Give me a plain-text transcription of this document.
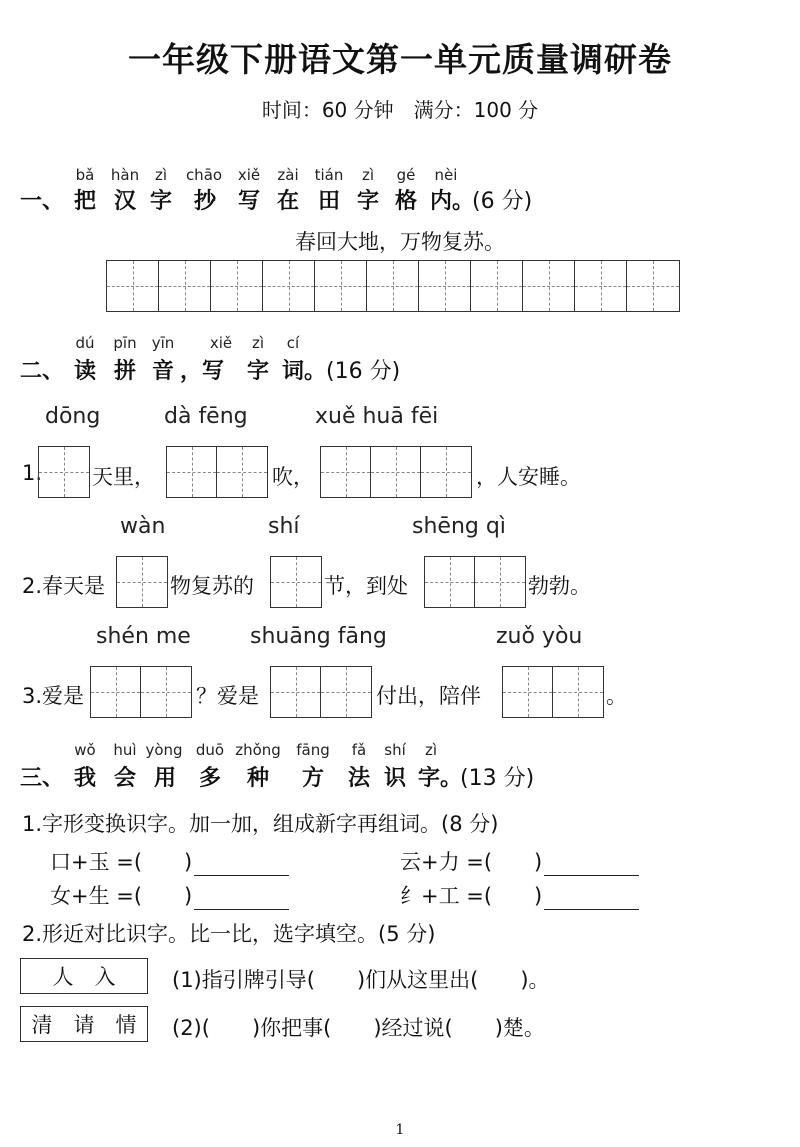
一年级下册语文第一单元质量调研卷
时间：60 分钟　满分：100 分
bǎ hàn	zì	chāo	xiě	zài	tián	zì	gé	nèi
一、 把 汉 字 抄 写 在 田 字 格 内。
(6 分)
春回大地，万物复苏。
dú	pīn	yīn xiě	zì	cí
二、 读 拼 音 ，写	字 词。 (16 分)
dōng	dà fēng	xuě huā fēi
1. 天里，	吹，	，人安睡。
wàn	shí	shēng qì
2.春天是	物复苏的	节，到处	勃勃。
shén me	shuāng fāng	zuǒ yòu
3.爱是	？爱是	付出，陪伴	。
wǒ huì yòng duō zhǒng fāng	fǎ	shí	zì
三、 我 会 用 多 种 方 法 识 字。
(13 分)
1.字形变换识字。加一加，组成新字再组词。(8 分)
口+玉 =(　　)	云+力 =(　　)
女+生 =(　　)	纟+工 =(　　)
2.形近对比识字。比一比，选字填空。(5 分)
人　入	(1)指引牌引导(　　)们从这里出(　　)。
清　请　情	(2)(　　)你把事(　　)经过说(　　)楚。
1
